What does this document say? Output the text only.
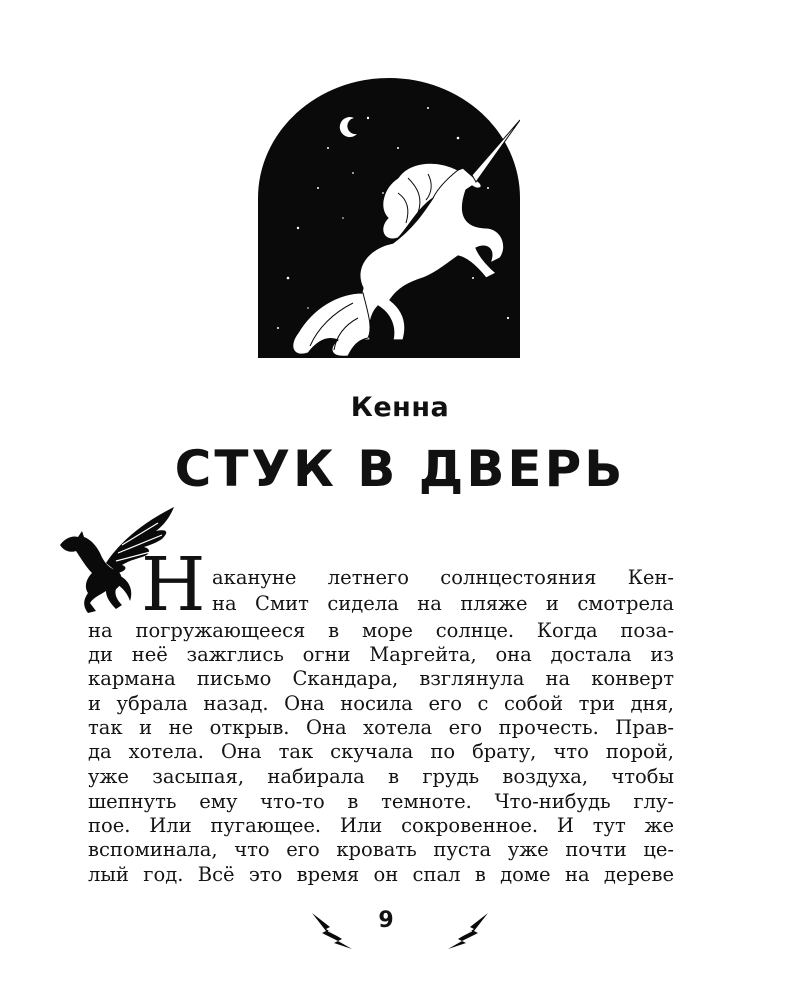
Кенна
СТУК В ДВЕРЬ
Н акануне летнего солнцестояния Кен-
на Смит сидела на пляже и смотрела
на погружающееся в море солнце. Когда поза-
ди неё зажглись огни Маргейта, она достала из
кармана письмо Скандара, взглянула на конверт
и убрала назад. Она носила его с собой три дня,
так и не открыв. Она хотела его прочесть. Прав-
да хотела. Она так скучала по брату, что порой,
уже засыпая, набирала в грудь воздуха, чтобы
шепнуть ему что-то в темноте. Что-нибудь глу-
пое. Или пугающее. Или сокровенное. И тут же
вспоминала, что его кровать пуста уже почти це-
лый год. Всё это время он спал в доме на дереве
9
